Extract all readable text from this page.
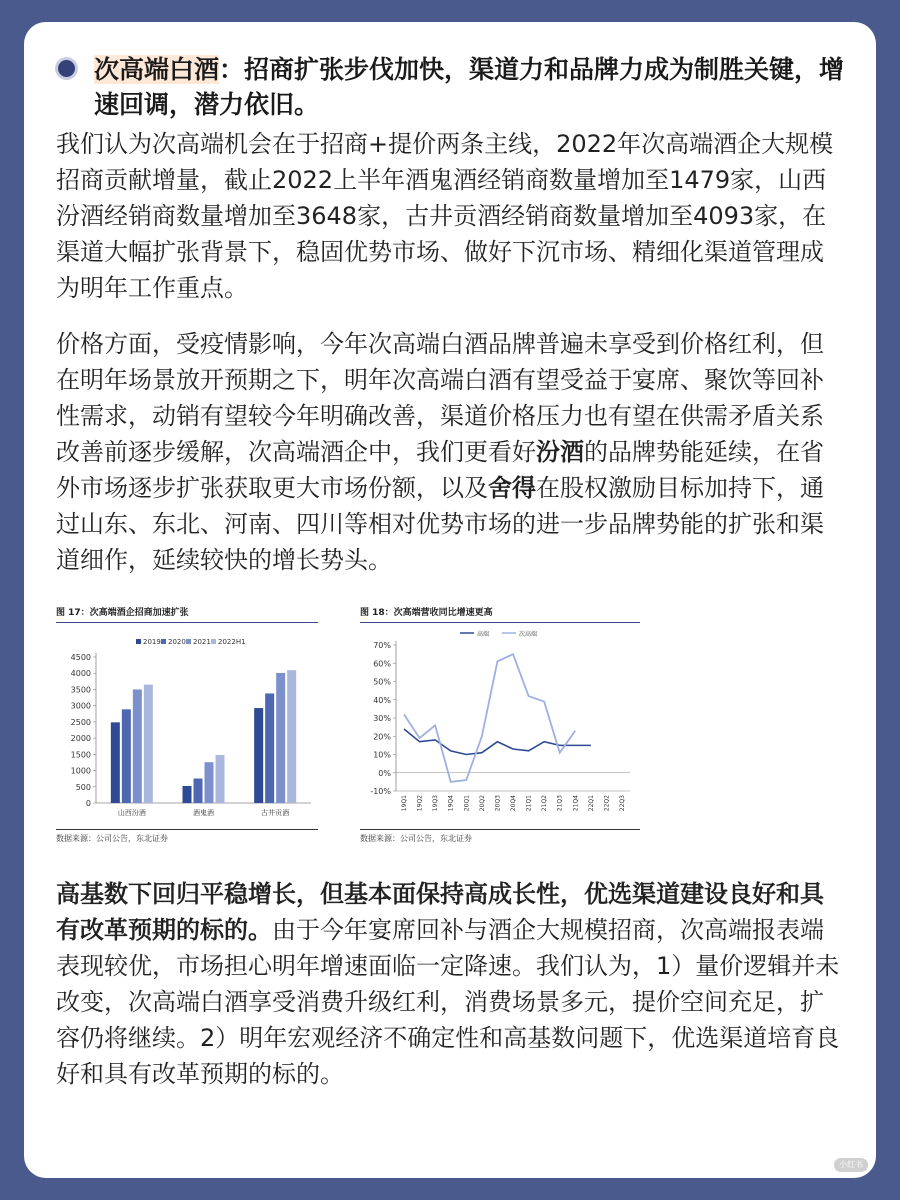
次高端白酒：招商扩张步伐加快，渠道力和品牌力成为制胜关键，增速回调，潜力依旧。

我们认为次高端机会在于招商+提价两条主线，2022年次高端酒企大规模招商贡献增量，截止2022上半年酒鬼酒经销商数量增加至1479家，山西汾酒经销商数量增加至3648家，古井贡酒经销商数量增加至4093家，在渠道大幅扩张背景下，稳固优势市场、做好下沉市场、精细化渠道管理成为明年工作重点。

价格方面，受疫情影响，今年次高端白酒品牌普遍未享受到价格红利，但在明年场景放开预期之下，明年次高端白酒有望受益于宴席、聚饮等回补性需求，动销有望较今年明确改善，渠道价格压力也有望在供需矛盾关系改善前逐步缓解，次高端酒企中，我们更看好汾酒的品牌势能延续，在省外市场逐步扩张获取更大市场份额，以及舍得在股权激励目标加持下，通过山东、东北、河南、四川等相对优势市场的进一步品牌势能的扩张和渠道细作，延续较快的增长势头。

图 17：次高端酒企招商加速扩张
2019 2020 2021 2022H1
0
500
1000
1500
2000
2500
3000
3500
4000
4500
山西汾酒	酒鬼酒	古井贡酒
数据来源：公司公告，东北证券
图 18：次高端营收同比增速更高
高端	次高端
-10%
0%
10%
20%
30%
40%
50%
60%
70%
19Q1 19Q2 19Q3 19Q4 20Q1 20Q2 20Q3 20Q4 21Q1 21Q2 21Q3 21Q4 22Q1 22Q2 22Q3
数据来源：公司公告，东北证券

高基数下回归平稳增长，但基本面保持高成长性，优选渠道建设良好和具有改革预期的标的。由于今年宴席回补与酒企大规模招商，次高端报表端表现较优，市场担心明年增速面临一定降速。我们认为，1）量价逻辑并未改变，次高端白酒享受消费升级红利，消费场景多元，提价空间充足，扩容仍将继续。2）明年宏观经济不确定性和高基数问题下，优选渠道培育良好和具有改革预期的标的。

小红书
